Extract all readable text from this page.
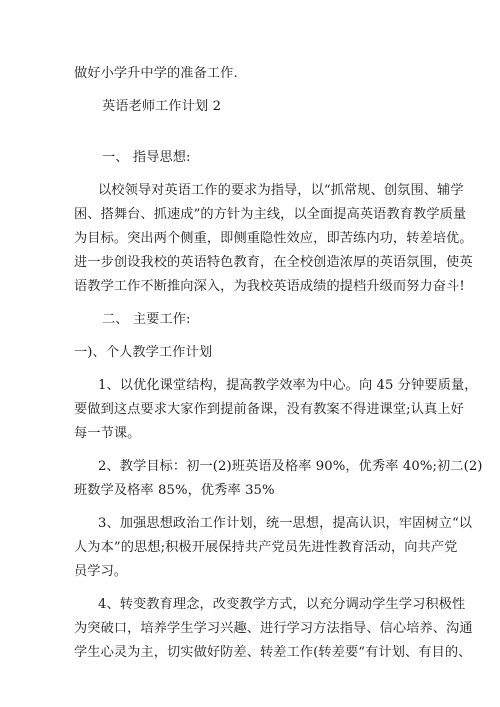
做好小学升中学的准备工作.
英语老师工作计划 2
一、 指导思想:
以校领导对英语工作的要求为指导，以“抓常规、创氛围、辅学
困、搭舞台、抓速成”的方针为主线，以全面提高英语教育教学质量
为目标。突出两个侧重，即侧重隐性效应，即苦练内功，转差培优。
进一步创设我校的英语特色教育，在全校创造浓厚的英语氛围，使英
语教学工作不断推向深入，为我校英语成绩的提档升级而努力奋斗!
二、 主要工作:
一)、个人教学工作计划
1、以优化课堂结构，提高教学效率为中心。向 45 分钟要质量，
要做到这点要求大家作到提前备课，没有教案不得进课堂;认真上好
每一节课。
2、教学目标：初一(2)班英语及格率 90%，优秀率 40%;初二(2)
班数学及格率 85%，优秀率 35%
3、加强思想政治工作计划，统一思想，提高认识，牢固树立“以
人为本”的思想;积极开展保持共产党员先进性教育活动，向共产党
员学习。
4、转变教育理念，改变教学方式，以充分调动学生学习积极性
为突破口，培养学生学习兴趣、进行学习方法指导、信心培养、沟通
学生心灵为主，切实做好防差、转差工作(转差要“有计划、有目的、
